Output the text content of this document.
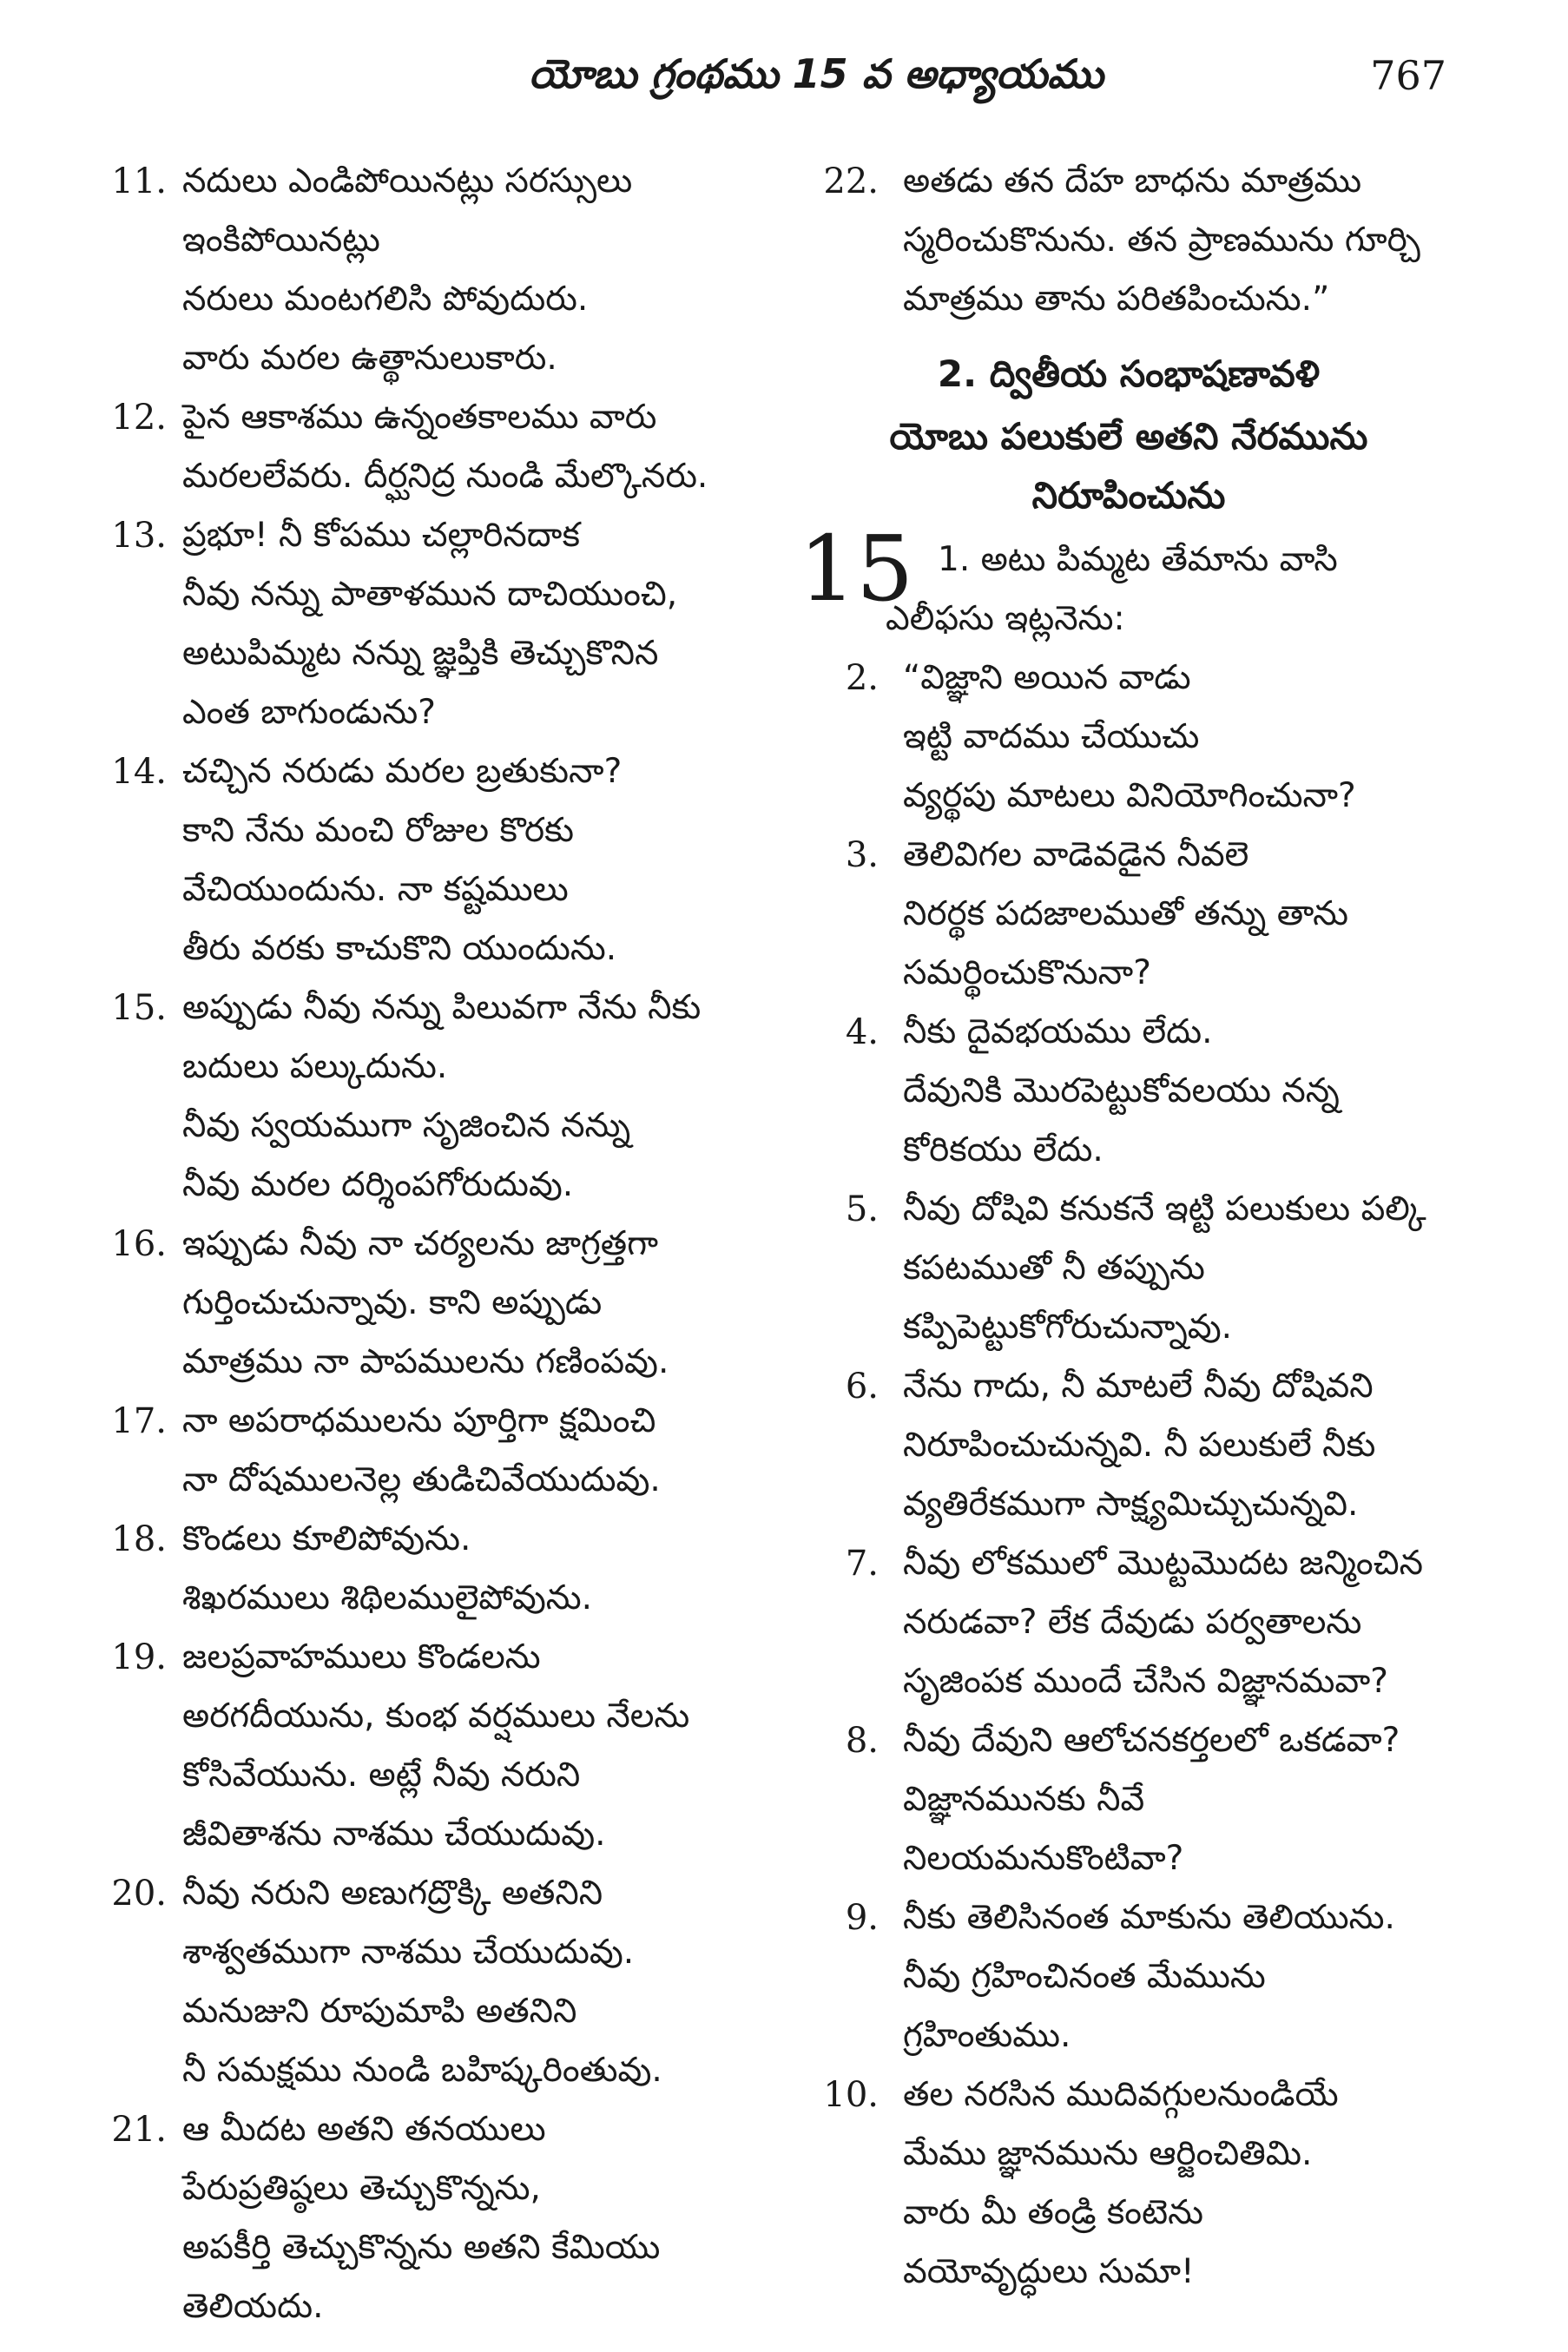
యోబు గ్రంథము 15 వ అధ్యాయము	767
11. నదులు ఎండిపోయినట్లు సరస్సులు
ఇంకిపోయినట్లు
నరులు మంటగలిసి పోవుదురు.
వారు మరల ఉత్థానులుకారు.
12. పైన ఆకాశము ఉన్నంతకాలము వారు
మరలలేవరు. దీర్ఘనిద్ర నుండి మేల్కొనరు.
13. ప్రభూ! నీ కోపము చల్లారినదాక
నీవు నన్ను పాతాళమున దాచియుంచి,
అటుపిమ్మట నన్ను జ్ఞప్తికి తెచ్చుకొనిన
ఎంత బాగుండును?
14. చచ్చిన నరుడు మరల బ్రతుకునా?
కాని నేను మంచి రోజుల కొరకు
వేచియుందును. నా కష్టములు
తీరు వరకు కాచుకొని యుందును.
15. అప్పుడు నీవు నన్ను పిలువగా నేను నీకు
బదులు పల్కుదును.
నీవు స్వయముగా సృజించిన నన్ను
నీవు మరల దర్శింపగోరుదువు.
16. ఇప్పుడు నీవు నా చర్యలను జాగ్రత్తగా
గుర్తించుచున్నావు. కాని అప్పుడు
మాత్రము నా పాపములను గణింపవు.
17. నా అపరాధములను పూర్తిగా క్షమించి
నా దోషములనెల్ల తుడిచివేయుదువు.
18. కొండలు కూలిపోవును.
శిఖరములు శిథిలములైపోవును.
19. జలప్రవాహములు కొండలను
అరగదీయును, కుంభ వర్షములు నేలను
కోసివేయును. అట్లే నీవు నరుని
జీవితాశను నాశము చేయుదువు.
20. నీవు నరుని అణుగద్రొక్కి అతనిని
శాశ్వతముగా నాశము చేయుదువు.
మనుజుని రూపుమాపి అతనిని
నీ సమక్షము నుండి బహిష్కరింతువు.
21. ఆ మీదట అతని తనయులు
పేరుప్రతిష్ఠలు తెచ్చుకొన్నను,
అపకీర్తి తెచ్చుకొన్నను అతని కేమియు
తెలియదు.
22. అతడు తన దేహ బాధను మాత్రము
స్మరించుకొనును. తన ప్రాణమును గూర్చి
మాత్రము తాను పరితపించును.”
2. ద్వితీయ సంభాషణావళి
యోబు పలుకులే అతని నేరమును
నిరూపించును
15 1. అటు పిమ్మట తేమాను వాసి
ఎలీఫసు ఇట్లనెను:
2. “విజ్ఞాని అయిన వాడు
ఇట్టి వాదము చేయుచు
వ్యర్థపు మాటలు వినియోగించునా?
3. తెలివిగల వాడెవడైన నీవలె
నిరర్థక పదజాలముతో తన్ను తాను
సమర్థించుకొనునా?
4. నీకు దైవభయము లేదు.
దేవునికి మొరపెట్టుకోవలయు నన్న
కోరికయు లేదు.
5. నీవు దోషివి కనుకనే ఇట్టి పలుకులు పల్కి
కపటముతో నీ తప్పును
కప్పిపెట్టుకోగోరుచున్నావు.
6. నేను గాదు, నీ మాటలే నీవు దోషివని
నిరూపించుచున్నవి. నీ పలుకులే నీకు
వ్యతిరేకముగా సాక్ష్యమిచ్చుచున్నవి.
7. నీవు లోకములో మొట్టమొదట జన్మించిన
నరుడవా? లేక దేవుడు పర్వతాలను
సృజింపక ముందే చేసిన విజ్ఞానమవా?
8. నీవు దేవుని ఆలోచనకర్తలలో ఒకడవా?
విజ్ఞానమునకు నీవే
నిలయమనుకొంటివా?
9. నీకు తెలిసినంత మాకును తెలియును.
నీవు గ్రహించినంత మేమును
గ్రహింతుము.
10. తల నరసిన ముదివగ్గులనుండియే
మేము జ్ఞానమును ఆర్జించితిమి.
వారు మీ తండ్రి కంటెను
వయోవృద్ధులు సుమా!
